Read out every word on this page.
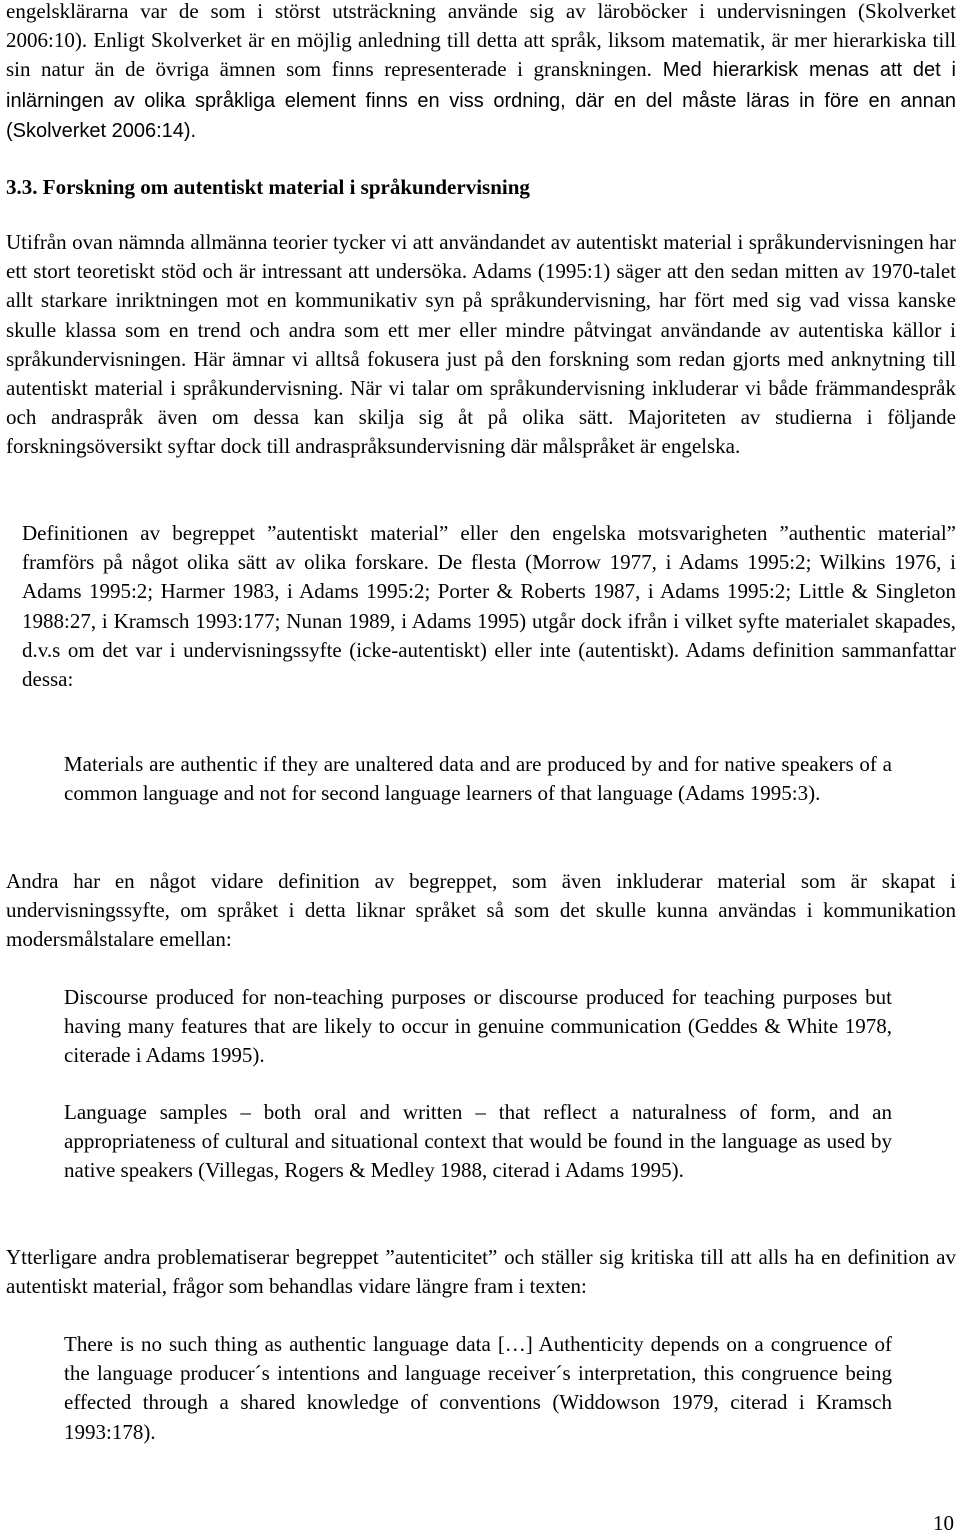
engelsklärarna var de som i störst utsträckning använde sig av läroböcker i undervisningen (Skolverket 2006:10). Enligt Skolverket är en möjlig anledning till detta att språk, liksom matematik, är mer hierarkiska till sin natur än de övriga ämnen som finns representerade i granskningen. Med hierarkisk menas att det i inlärningen av olika språkliga element finns en viss ordning, där en del måste läras in före en annan (Skolverket 2006:14).

3.3. Forskning om autentiskt material i språkundervisning

Utifrån ovan nämnda allmänna teorier tycker vi att användandet av autentiskt material i språkundervisningen har ett stort teoretiskt stöd och är intressant att undersöka. Adams (1995:1) säger att den sedan mitten av 1970-talet allt starkare inriktningen mot en kommunikativ syn på språkundervisning, har fört med sig vad vissa kanske skulle klassa som en trend och andra som ett mer eller mindre påtvingat användande av autentiska källor i språkundervisningen. Här ämnar vi alltså fokusera just på den forskning som redan gjorts med anknytning till autentiskt material i språkundervisning. När vi talar om språkundervisning inkluderar vi både främmandespråk och andraspråk även om dessa kan skilja sig åt på olika sätt. Majoriteten av studierna i följande forskningsöversikt syftar dock till andraspråksundervisning där målspråket är engelska.

Definitionen av begreppet ”autentiskt material” eller den engelska motsvarigheten ”authentic material” framförs på något olika sätt av olika forskare. De flesta (Morrow 1977, i Adams 1995:2; Wilkins 1976, i Adams 1995:2; Harmer 1983, i Adams 1995:2; Porter & Roberts 1987, i Adams 1995:2; Little & Singleton 1988:27, i Kramsch 1993:177; Nunan 1989, i Adams 1995) utgår dock ifrån i vilket syfte materialet skapades, d.v.s om det var i undervisningssyfte (icke-autentiskt) eller inte (autentiskt). Adams definition sammanfattar dessa:

Materials are authentic if they are unaltered data and are produced by and for native speakers of a common language and not for second language learners of that language (Adams 1995:3).

Andra har en något vidare definition av begreppet, som även inkluderar material som är skapat i undervisningssyfte, om språket i detta liknar språket så som det skulle kunna användas i kommunikation modersmålstalare emellan:

Discourse produced for non-teaching purposes or discourse produced for teaching purposes but having many features that are likely to occur in genuine communication (Geddes & White 1978, citerade i Adams 1995).

Language samples – both oral and written – that reflect a naturalness of form, and an appropriateness of cultural and situational context that would be found in the language as used by native speakers (Villegas, Rogers & Medley 1988, citerad i Adams 1995).

Ytterligare andra problematiserar begreppet ”autenticitet” och ställer sig kritiska till att alls ha en definition av autentiskt material, frågor som behandlas vidare längre fram i texten:

There is no such thing as authentic language data […] Authenticity depends on a congruence of the language producer´s intentions and language receiver´s interpretation, this congruence being effected through a shared knowledge of conventions (Widdowson 1979, citerad i Kramsch 1993:178).

10
